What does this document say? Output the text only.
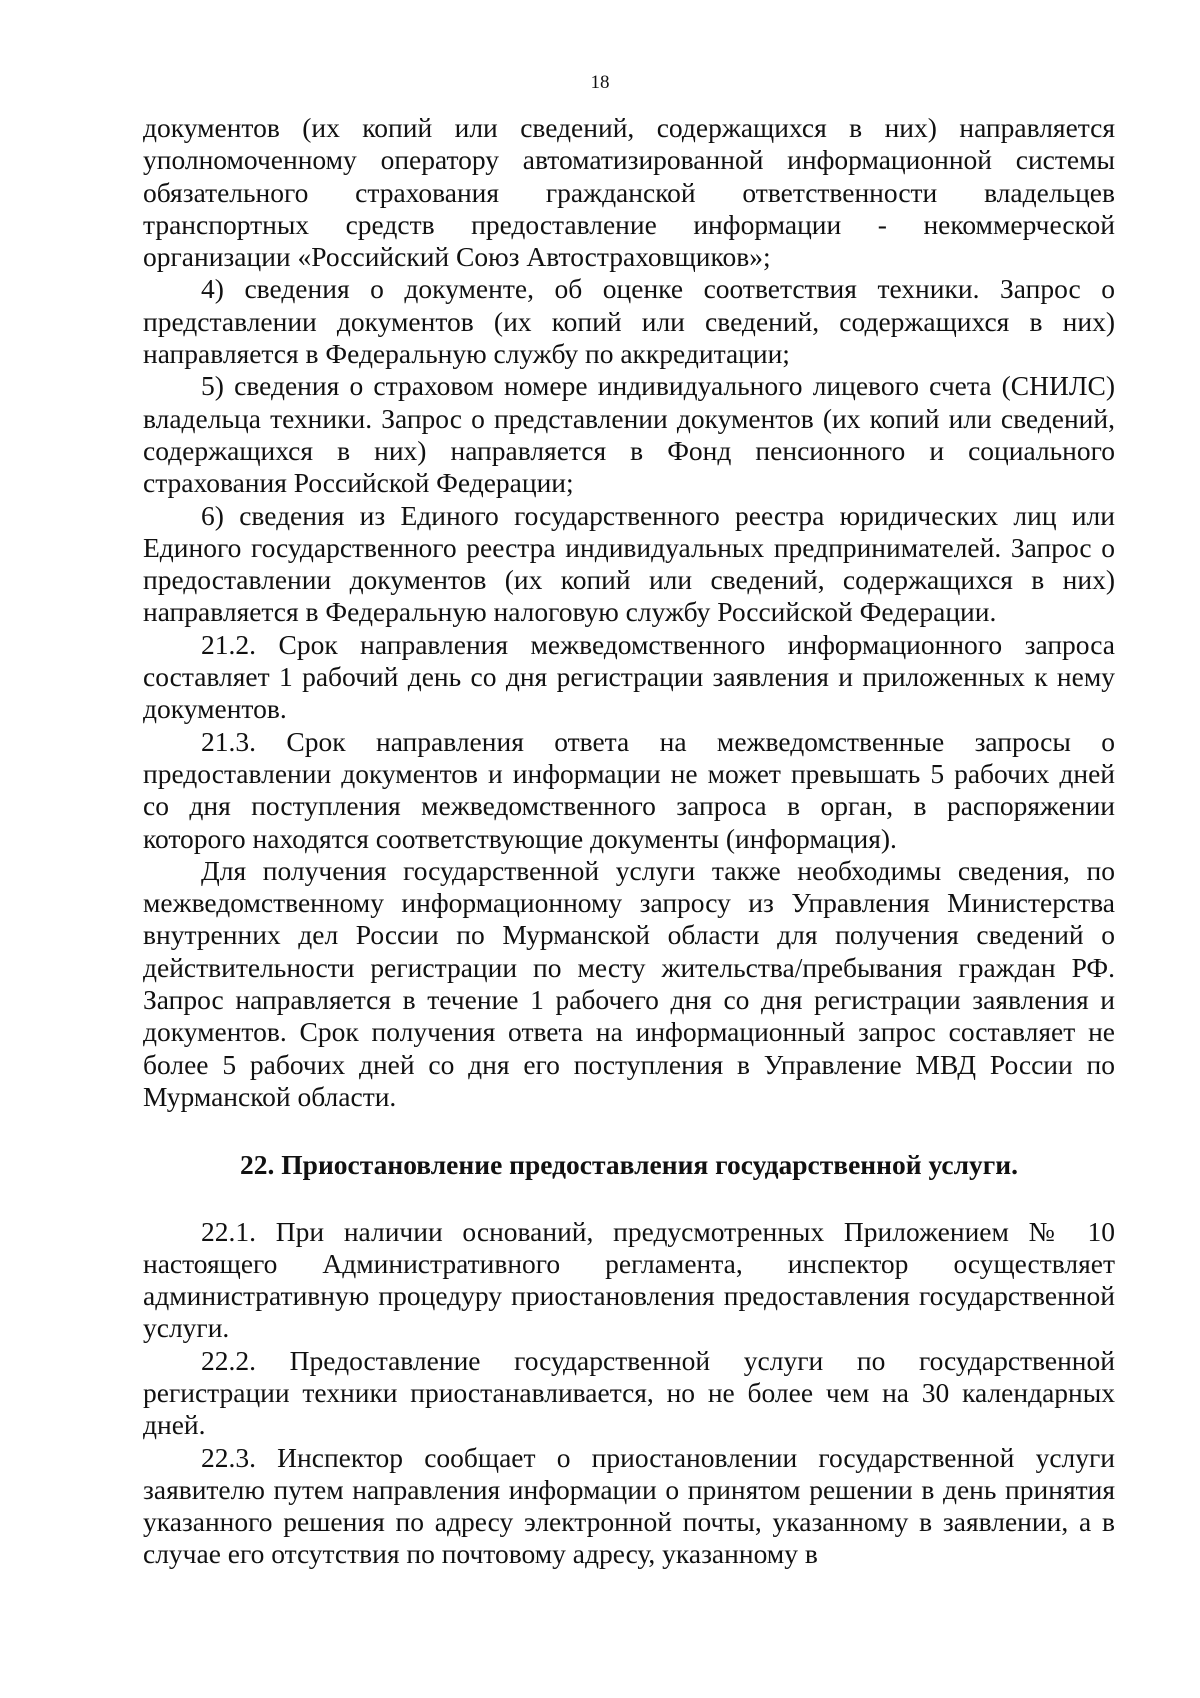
18

документов (их копий или сведений, содержащихся в них) направляется уполномоченному оператору автоматизированной информационной системы обязательного страхования гражданской ответственности владельцев транспортных средств предоставление информации - некоммерческой организации «Российский Союз Автостраховщиков»;

4) сведения о документе, об оценке соответствия техники. Запрос о представлении документов (их копий или сведений, содержащихся в них) направляется в Федеральную службу по аккредитации;

5) сведения о страховом номере индивидуального лицевого счета (СНИЛС) владельца техники. Запрос о представлении документов (их копий или сведений, содержащихся в них) направляется в Фонд пенсионного и социального страхования Российской Федерации;

6) сведения из Единого государственного реестра юридических лиц или Единого государственного реестра индивидуальных предпринимателей. Запрос о предоставлении документов (их копий или сведений, содержащихся в них) направляется в Федеральную налоговую службу Российской Федерации.

21.2. Срок направления межведомственного информационного запроса составляет 1 рабочий день со дня регистрации заявления и приложенных к нему документов.

21.3. Срок направления ответа на межведомственные запросы о предоставлении документов и информации не может превышать 5 рабочих дней со дня поступления межведомственного запроса в орган, в распоряжении которого находятся соответствующие документы (информация).

Для получения государственной услуги также необходимы сведения, по межведомственному информационному запросу из Управления Министерства внутренних дел России по Мурманской области для получения сведений о действительности регистрации по месту жительства/пребывания граждан РФ. Запрос направляется в течение 1 рабочего дня со дня регистрации заявления и документов. Срок получения ответа на информационный запрос составляет не более 5 рабочих дней со дня его поступления в Управление МВД России по Мурманской области.

22. Приостановление предоставления государственной услуги.

22.1. При наличии оснований, предусмотренных Приложением № 10 настоящего Административного регламента, инспектор осуществляет административную процедуру приостановления предоставления государственной услуги.

22.2. Предоставление государственной услуги по государственной регистрации техники приостанавливается, но не более чем на 30 календарных дней.

22.3. Инспектор сообщает о приостановлении государственной услуги заявителю путем направления информации о принятом решении в день принятия указанного решения по адресу электронной почты, указанному в заявлении, а в случае его отсутствия по почтовому адресу, указанному в
